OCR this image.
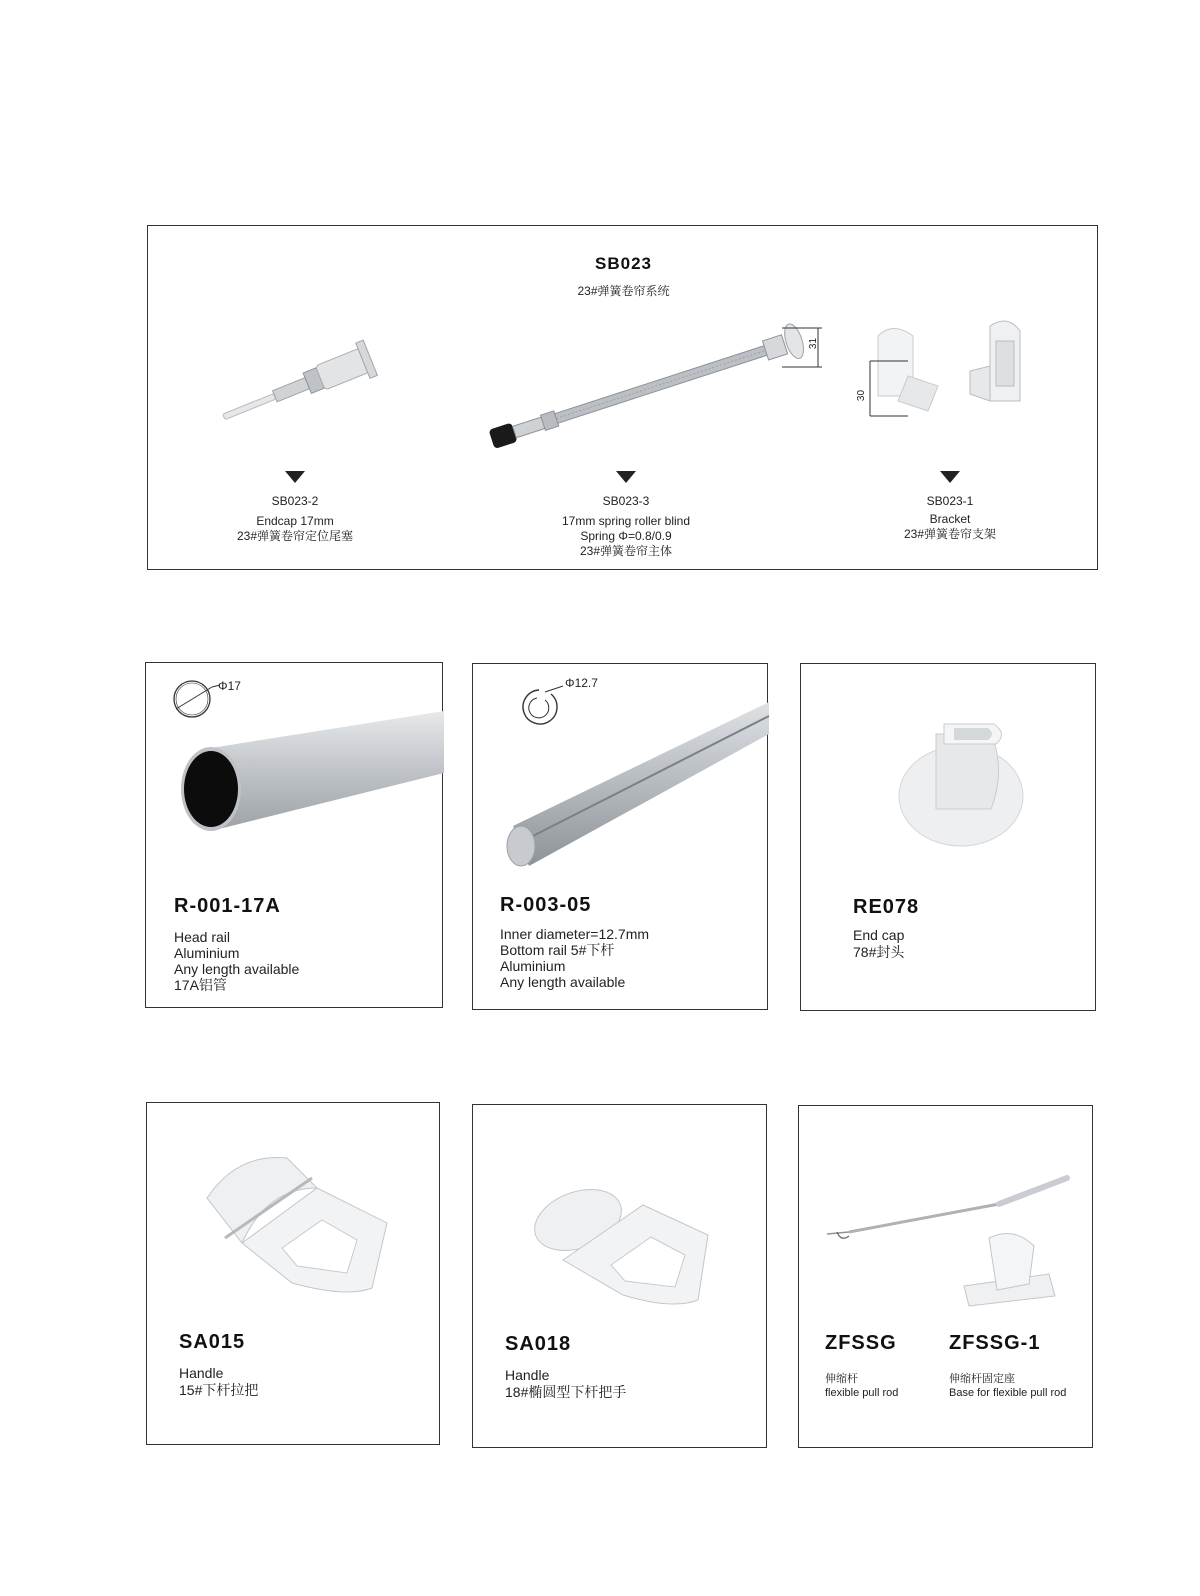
SB023
23#弹簧卷帘系统
31
30
SB023-2
Endcap 17mm
23#弹簧卷帘定位尾塞
SB023-3
17mm spring roller blind
Spring Φ=0.8/0.9
23#弹簧卷帘主体
SB023-1
Bracket
23#弹簧卷帘支架
Φ17
R-001-17A
Head rail
Aluminium
Any length available
17A铝管
Φ12.7
R-003-05
Inner diameter=12.7mm
Bottom rail 5#下杆
Aluminium
Any length available
RE078
End cap
78#封头
SA015
Handle
15#下杆拉把
SA018
Handle
18#椭圆型下杆把手
ZFSSG	ZFSSG-1
伸缩杆
flexible pull rod
伸缩杆固定座
Base for flexible pull rod
